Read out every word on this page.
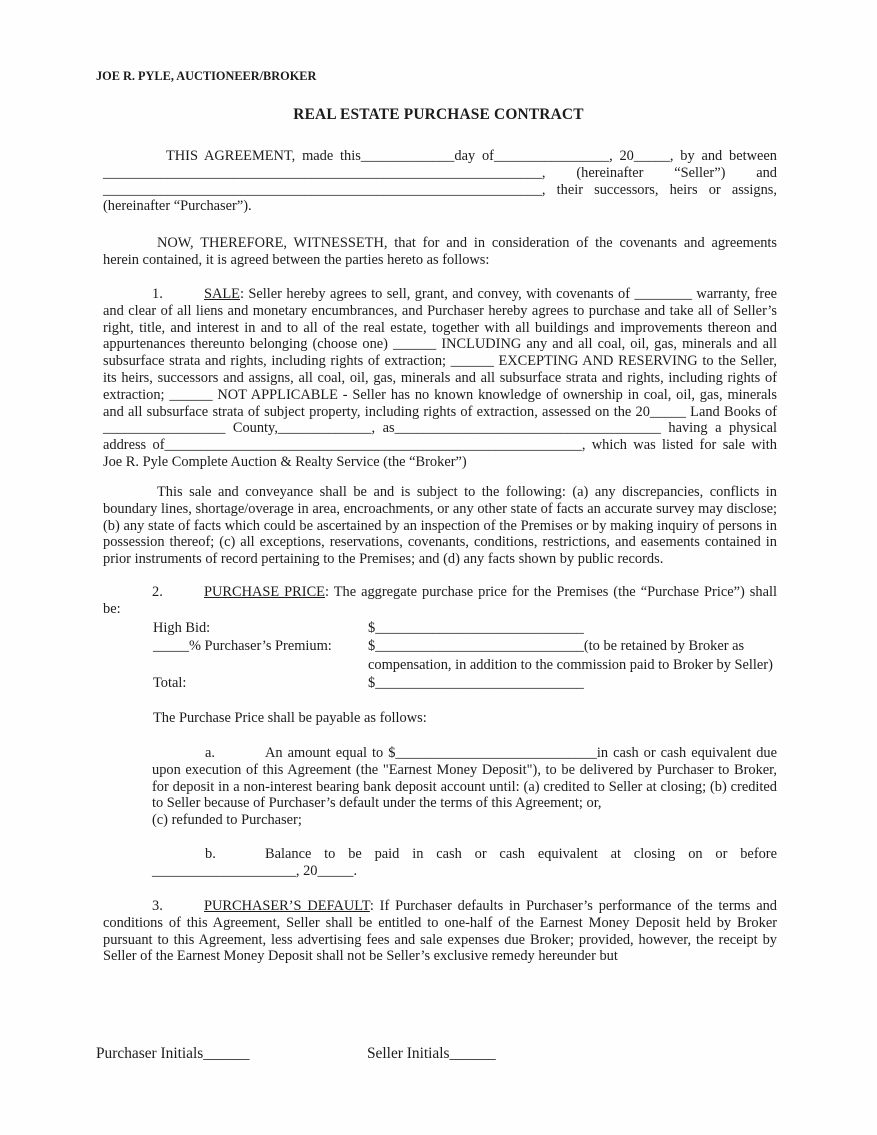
JOE R. PYLE, AUCTIONEER/BROKER
REAL ESTATE PURCHASE CONTRACT

THIS AGREEMENT, made this_____________day of________________, 20_____, by and between _____________________________________________________________, (hereinafter “Seller”) and _____________________________________________________________, their successors, heirs or assigns, (hereinafter “Purchaser”).

NOW, THEREFORE, WITNESSETH, that for and in consideration of the covenants and agreements herein contained, it is agreed between the parties hereto as follows:

1.	SALE: Seller hereby agrees to sell, grant, and convey, with covenants of ________ warranty, free and clear of all liens and monetary encumbrances, and Purchaser hereby agrees to purchase and take all of Seller’s right, title, and interest in and to all of the real estate, together with all buildings and improvements thereon and appurtenances thereunto belonging (choose one) ______ INCLUDING any and all coal, oil, gas, minerals and all subsurface strata and rights, including rights of extraction; ______ EXCEPTING AND RESERVING to the Seller, its heirs, successors and assigns, all coal, oil, gas, minerals and all subsurface strata and rights, including rights of extraction; ______ NOT APPLICABLE - Seller has no known knowledge of ownership in coal, oil, gas, minerals and all subsurface strata of subject property, including rights of extraction, assessed on the 20_____ Land Books of _________________ County,_____________, as_____________________________________ having a physical address of__________________________________________________________, which was listed for sale with Joe R. Pyle Complete Auction & Realty Service (the “Broker”)

This sale and conveyance shall be and is subject to the following: (a) any discrepancies, conflicts in boundary lines, shortage/overage in area, encroachments, or any other state of facts an accurate survey may disclose; (b) any state of facts which could be ascertained by an inspection of the Premises or by making inquiry of persons in possession thereof; (c) all exceptions, reservations, covenants, conditions, restrictions, and easements contained in prior instruments of record pertaining to the Premises; and (d) any facts shown by public records.

2.	PURCHASE PRICE: The aggregate purchase price for the Premises (the “Purchase Price”) shall be:

High Bid:	$_____________________________
_____% Purchaser’s Premium:	$_____________________________(to be retained by Broker as
compensation, in addition to the commission paid to Broker by Seller)
Total:	$_____________________________

The Purchase Price shall be payable as follows:

a.	An amount equal to $____________________________in cash or cash equivalent due upon execution of this Agreement (the "Earnest Money Deposit"), to be delivered by Purchaser to Broker, for deposit in a non-interest bearing bank deposit account until: (a) credited to Seller at closing; (b) credited to Seller because of Purchaser’s default under the terms of this Agreement; or,
(c) refunded to Purchaser;

b.	Balance to be paid in cash or cash equivalent at closing on or before ____________________, 20_____.

3.	PURCHASER’S DEFAULT: If Purchaser defaults in Purchaser’s performance of the terms and conditions of this Agreement, Seller shall be entitled to one-half of the Earnest Money Deposit held by Broker pursuant to this Agreement, less advertising fees and sale expenses due Broker; provided, however, the receipt by Seller of the Earnest Money Deposit shall not be Seller’s exclusive remedy hereunder but

Purchaser Initials______	Seller Initials______
